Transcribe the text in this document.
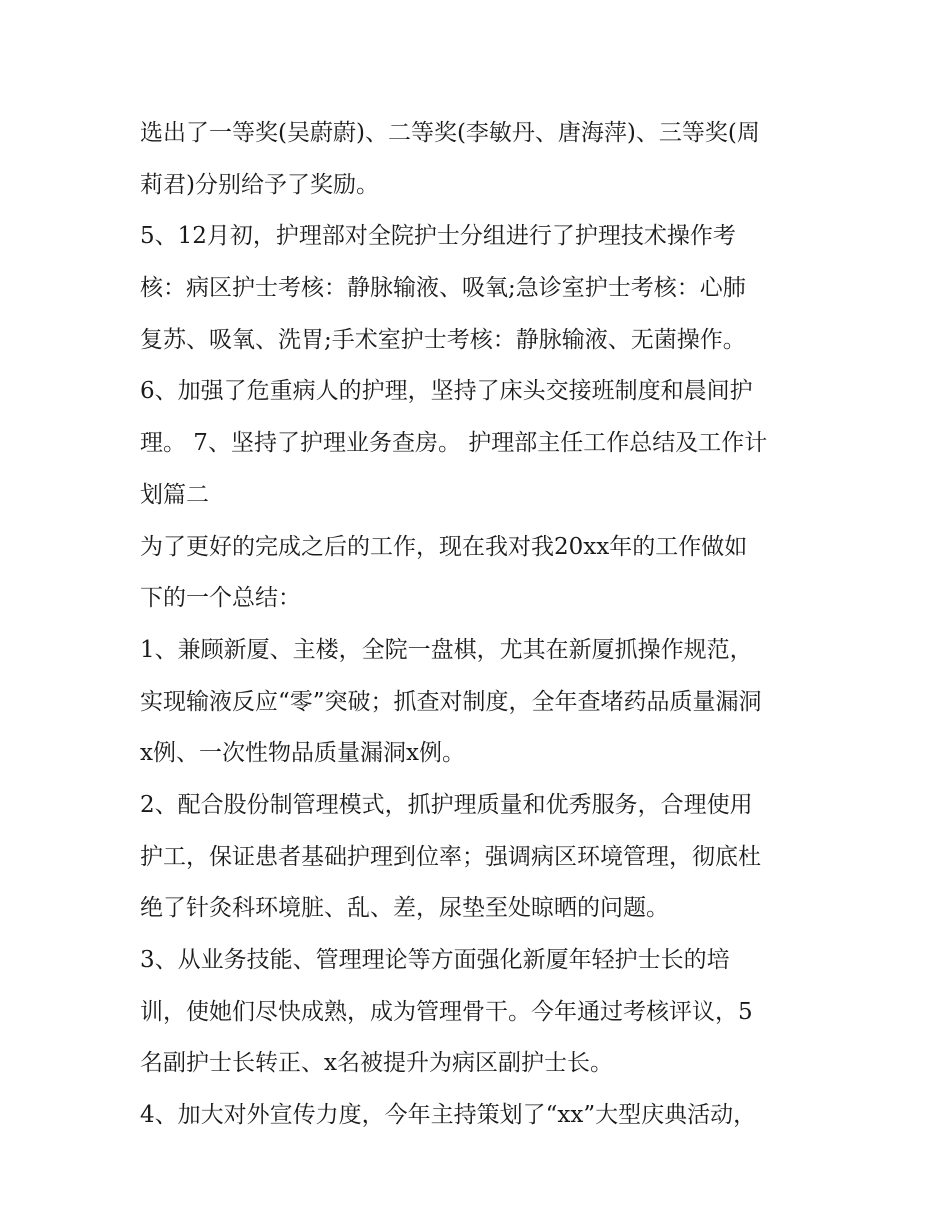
选出了一等奖(吴蔚蔚)、二等奖(李敏丹、唐海萍)、三等奖(周
莉君)分别给予了奖励。
5、12月初，护理部对全院护士分组进行了护理技术操作考
核：病区护士考核：静脉输液、吸氧;急诊室护士考核：心肺
复苏、吸氧、洗胃;手术室护士考核：静脉输液、无菌操作。
6、加强了危重病人的护理，坚持了床头交接班制度和晨间护
理。 7、坚持了护理业务查房。 护理部主任工作总结及工作计
划篇二
为了更好的完成之后的工作，现在我对我20xx年的工作做如
下的一个总结：
1、兼顾新厦、主楼，全院一盘棋，尤其在新厦抓操作规范，
实现输液反应“零”突破；抓查对制度，全年查堵药品质量漏洞
x例、一次性物品质量漏洞x例。
2、配合股份制管理模式，抓护理质量和优秀服务，合理使用
护工，保证患者基础护理到位率；强调病区环境管理，彻底杜
绝了针灸科环境脏、乱、差，尿垫至处晾晒的问题。
3、从业务技能、管理理论等方面强化新厦年轻护士长的培
训，使她们尽快成熟，成为管理骨干。今年通过考核评议，5
名副护士长转正、x名被提升为病区副护士长。
4、加大对外宣传力度，今年主持策划了“xx”大型庆典活动，
